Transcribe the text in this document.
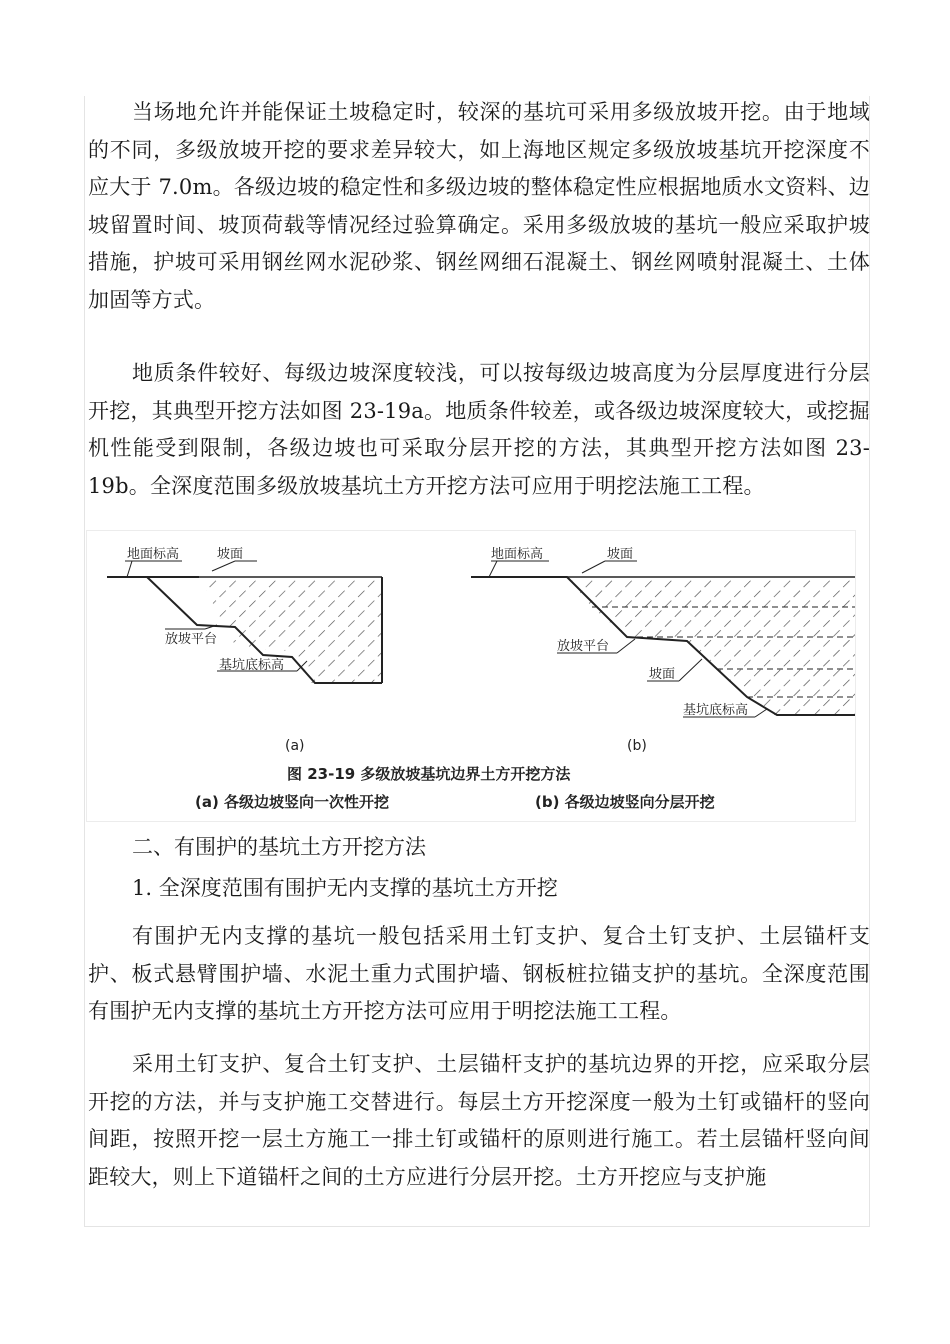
当场地允许并能保证土坡稳定时，较深的基坑可采用多级放坡开挖。由于地域的不同，多级放坡开挖的要求差异较大，如上海地区规定多级放坡基坑开挖深度不应大于 7.0m。各级边坡的稳定性和多级边坡的整体稳定性应根据地质水文资料、边坡留置时间、坡顶荷载等情况经过验算确定。采用多级放坡的基坑一般应采取护坡措施，护坡可采用钢丝网水泥砂浆、钢丝网细石混凝土、钢丝网喷射混凝土、土体加固等方式。
地质条件较好、每级边坡深度较浅，可以按每级边坡高度为分层厚度进行分层开挖，其典型开挖方法如图 23-19a。地质条件较差，或各级边坡深度较大，或挖掘机性能受到限制，各级边坡也可采取分层开挖的方法，其典型开挖方法如图 23-19b。全深度范围多级放坡基坑土方开挖方法可应用于明挖法施工工程。
地面标高	坡面
放坡平台
基坑底标高
(a)
地面标高	坡面
放坡平台
坡面
基坑底标高
(b)
图 23-19 多级放坡基坑边界土方开挖方法
(a) 各级边坡竖向一次性开挖	(b) 各级边坡竖向分层开挖
二、有围护的基坑土方开挖方法
1. 全深度范围有围护无内支撑的基坑土方开挖
有围护无内支撑的基坑一般包括采用土钉支护、复合土钉支护、土层锚杆支护、板式悬臂围护墙、水泥土重力式围护墙、钢板桩拉锚支护的基坑。全深度范围有围护无内支撑的基坑土方开挖方法可应用于明挖法施工工程。
采用土钉支护、复合土钉支护、土层锚杆支护的基坑边界的开挖，应采取分层开挖的方法，并与支护施工交替进行。每层土方开挖深度一般为土钉或锚杆的竖向间距，按照开挖一层土方施工一排土钉或锚杆的原则进行施工。若土层锚杆竖向间距较大，则上下道锚杆之间的土方应进行分层开挖。土方开挖应与支护施
